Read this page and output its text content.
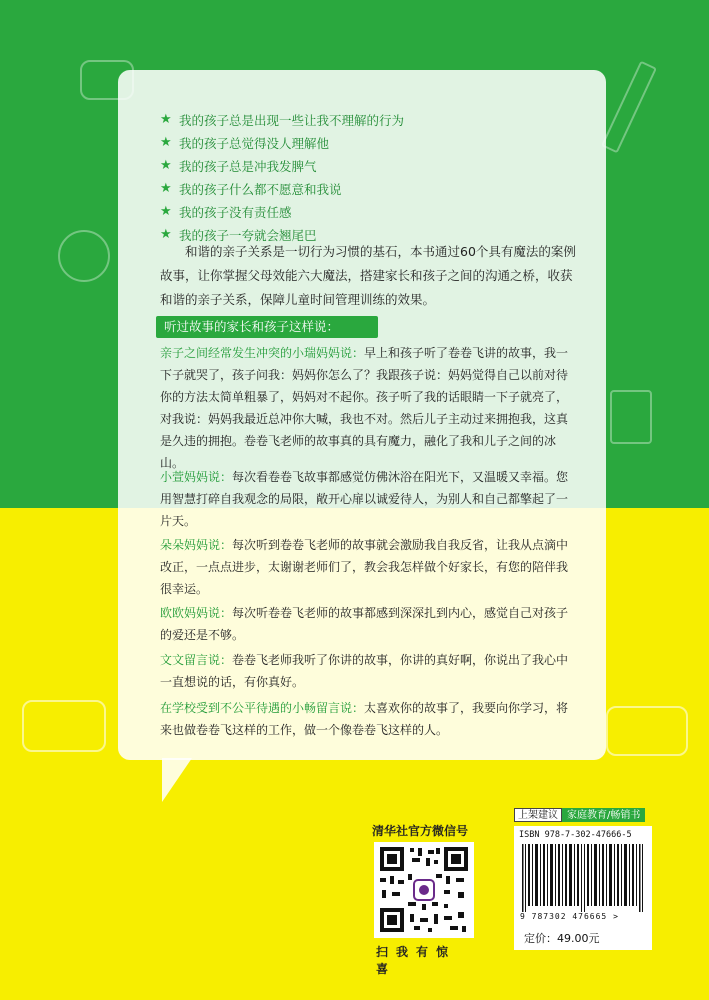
★ 我的孩子总是出现一些让我不理解的行为
★ 我的孩子总觉得没人理解他
★ 我的孩子总是冲我发脾气
★ 我的孩子什么都不愿意和我说
★ 我的孩子没有责任感
★ 我的孩子一夸就会翘尾巴

和谐的亲子关系是一切行为习惯的基石，本书通过60个具有魔法的案例故事，让你掌握父母效能六大魔法，搭建家长和孩子之间的沟通之桥，收获和谐的亲子关系，保障儿童时间管理训练的效果。

听过故事的家长和孩子这样说：

亲子之间经常发生冲突的小瑞妈妈说：早上和孩子听了卷卷飞讲的故事，我一下子就哭了，孩子问我：妈妈你怎么了？我跟孩子说：妈妈觉得自己以前对待你的方法太简单粗暴了，妈妈对不起你。孩子听了我的话眼睛一下子就亮了，对我说：妈妈我最近总冲你大喊，我也不对。然后儿子主动过来拥抱我，这真是久违的拥抱。卷卷飞老师的故事真的具有魔力，融化了我和儿子之间的冰山。

小萱妈妈说：每次看卷卷飞故事都感觉仿佛沐浴在阳光下，又温暖又幸福。您用智慧打碎自我观念的局限，敞开心扉以诚爱待人，为别人和自己都擎起了一片天。

朵朵妈妈说：每次听到卷卷飞老师的故事就会激励我自我反省，让我从点滴中改正，一点点进步，太谢谢老师们了，教会我怎样做个好家长，有您的陪伴我很幸运。

欧欧妈妈说：每次听卷卷飞老师的故事都感到深深扎到内心，感觉自己对孩子的爱还是不够。

文文留言说：卷卷飞老师我听了你讲的故事，你讲的真好啊，你说出了我心中一直想说的话，有你真好。

在学校受到不公平待遇的小畅留言说：太喜欢你的故事了，我要向你学习，将来也做卷卷飞这样的工作，做一个像卷卷飞这样的人。

清华社官方微信号
扫我有惊喜
上架建议 家庭教育/畅销书
ISBN 978-7-302-47666-5
9 787302 476665 >
定价：49.00元
